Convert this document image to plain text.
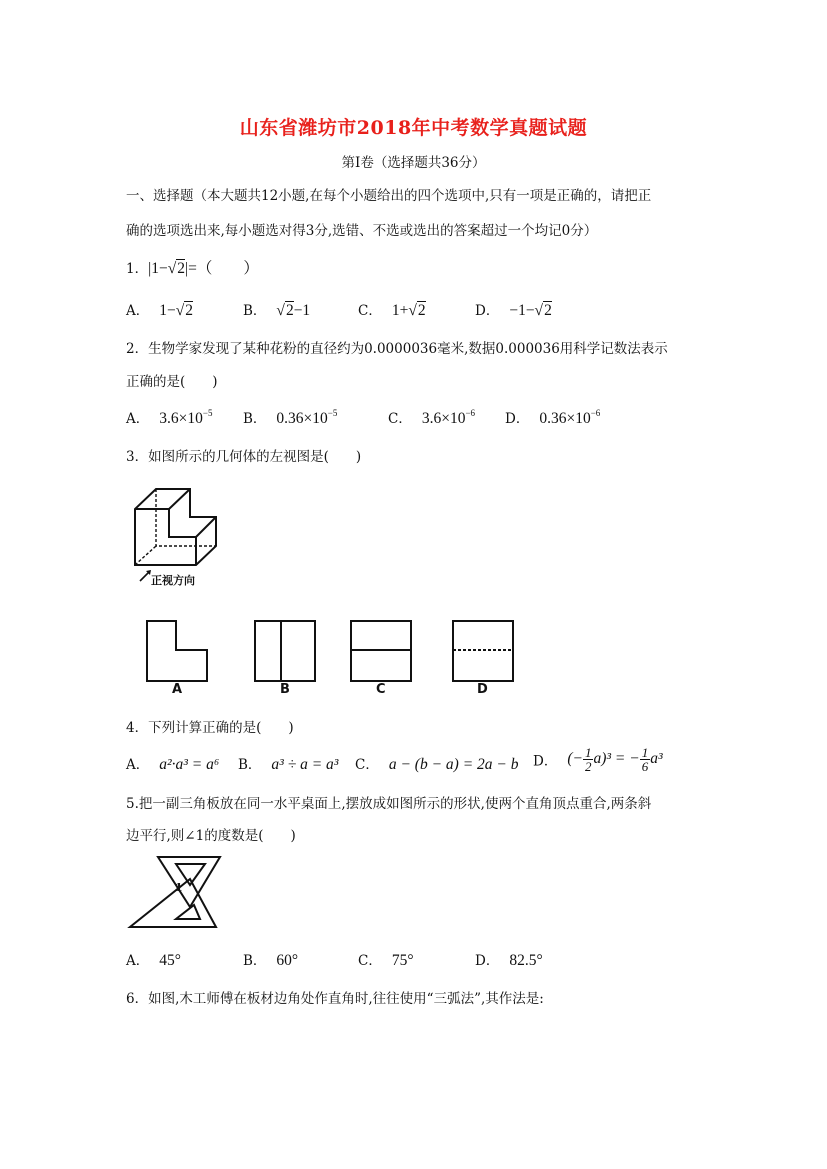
山东省潍坊市2018年中考数学真题试题
第Ⅰ卷（选择题共36分）
一、选择题（本大题共12小题,在每个小题给出的四个选项中,只有一项是正确的，请把正
确的选项选出来,每小题选对得3分,选错、不选或选出的答案超过一个均记0分）
1．|1−√2|=（　　）
A． 1−√2	B． √2−1	C． 1+√2	D． −1−√2
2．生物学家发现了某种花粉的直径约为0.0000036毫米,数据0.000036用科学记数法表示
正确的是(　　)
A． $3.6\times 10^{-5}$ B． $0.36\times 10^{-5}$	C． $3.6\times 10^{-6}$ D． $0.36\times 10^{-6}$
3．如图所示的几何体的左视图是(　　)
正视方向
A	B	C	D
4．下列计算正确的是(　　)
A． a²·a³ = a⁶ B． a³ ÷ a = a³ C． a − (b − a) = 2a − b D． (− $\frac{1}{2} a)^3$ = − $\frac{1}{6} a^3$
5.把一副三角板放在同一水平桌面上,摆放成如图所示的形状,使两个直角顶点重合,两条斜
边平行,则∠1的度数是(　　)
1
A． 45°	B． 60°	C． 75°	D． 82.5°
6．如图,木工师傅在板材边角处作直角时,往往使用“三弧法”,其作法是:
